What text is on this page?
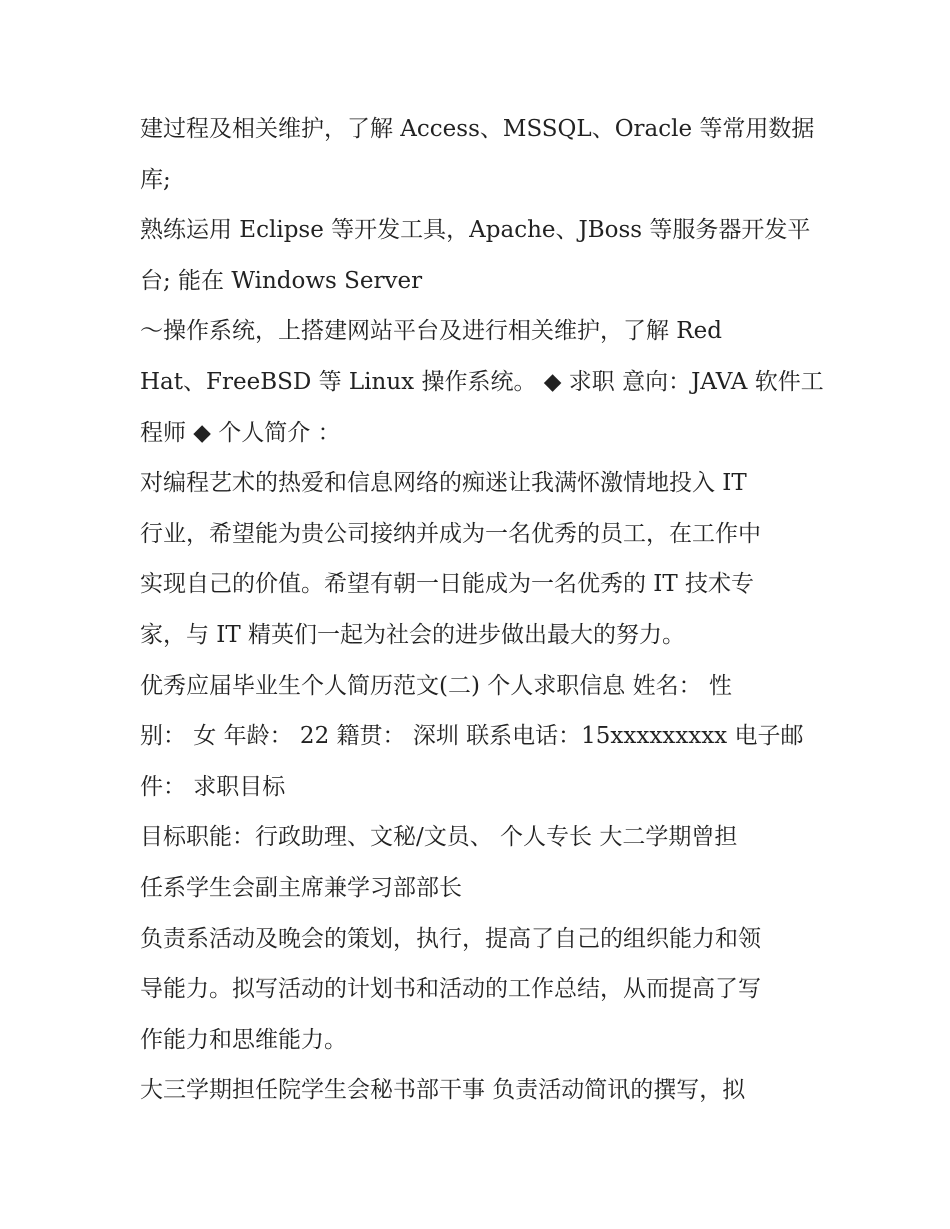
建过程及相关维护，了解 Access、MSSQL、Oracle 等常用数据
库;
熟练运用 Eclipse 等开发工具，Apache、JBoss 等服务器开发平
台; 能在 Windows Server
～操作系统，上搭建网站平台及进行相关维护，了解 Red
Hat、FreeBSD 等 Linux 操作系统。 ◆ 求职 意向：JAVA 软件工
程师 ◆ 个人简介 ：
对编程艺术的热爱和信息网络的痴迷让我满怀激情地投入 IT
行业，希望能为贵公司接纳并成为一名优秀的员工，在工作中
实现自己的价值。希望有朝一日能成为一名优秀的 IT 技术专
家，与 IT 精英们一起为社会的进步做出最大的努力。
优秀应届毕业生个人简历范文(二) 个人求职信息 姓名： 性
别： 女 年龄： 22 籍贯： 深圳 联系电话：15xxxxxxxxx 电子邮
件： 求职目标
目标职能：行政助理、文秘/文员、 个人专长 大二学期曾担
任系学生会副主席兼学习部部长
负责系活动及晚会的策划，执行，提高了自己的组织能力和领
导能力。拟写活动的计划书和活动的工作总结，从而提高了写
作能力和思维能力。
大三学期担任院学生会秘书部干事 负责活动简讯的撰写，拟
